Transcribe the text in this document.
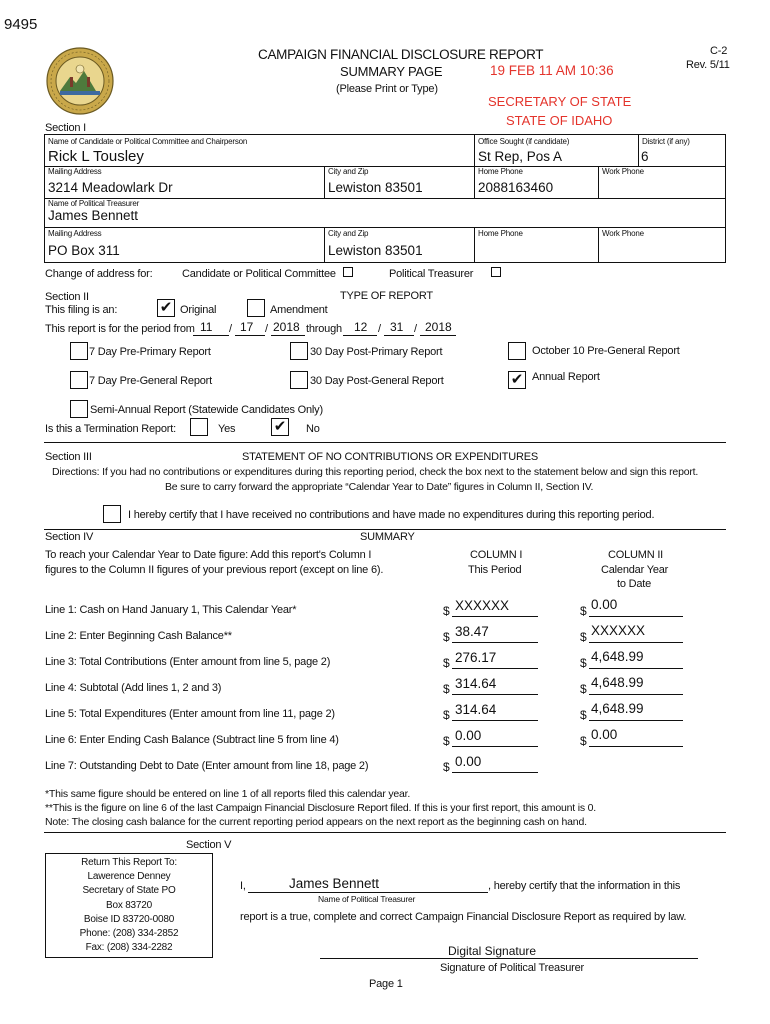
9495
CAMPAIGN FINANCIAL DISCLOSURE REPORT
SUMMARY PAGE
(Please Print or Type)
C-2
Rev. 5/11
19 FEB 11 AM 10:36
SECRETARY OF STATE
STATE OF IDAHO
Section I
Name of Candidate or Political Committee and Chairperson
Rick L Tousley
Office Sought (if candidate)
St Rep, Pos A
District (if any)
6
Mailing Address
3214 Meadowlark Dr
City and Zip
Lewiston 83501
Home Phone
2088163460
Work Phone
Name of Political Treasurer
James Bennett
Mailing Address
PO Box 311
City and Zip
Lewiston 83501
Home Phone	Work Phone
Change of address for:	Candidate or Political Committee	Political Treasurer
Section II	TYPE OF REPORT
This filing is an:	✔ Original	Amendment
This report is for the period from 11 / 17 / 2018 through 12 / 31 / 2018
7 Day Pre-Primary Report	30 Day Post-Primary Report	October 10 Pre-General Report
7 Day Pre-General Report	30 Day Post-General Report	✔ Annual Report
Semi-Annual Report (Statewide Candidates Only)
Is this a Termination Report:	Yes	✔ No
Section III	STATEMENT OF NO CONTRIBUTIONS OR EXPENDITURES
Directions: If you had no contributions or expenditures during this reporting period, check the box next to the statement below and sign this report.
Be sure to carry forward the appropriate “Calendar Year to Date” figures in Column II, Section IV.
I hereby certify that I have received no contributions and have made no expenditures during this reporting period.
Section IV	SUMMARY
To reach your Calendar Year to Date figure: Add this report's Column I
figures to the Column II figures of your previous report (except on line 6).
COLUMN I
This Period
COLUMN II
Calendar Year
to Date
Line 1: Cash on Hand January 1, This Calendar Year*	$ XXXXXX	$ 0.00
Line 2: Enter Beginning Cash Balance**	$ 38.47	$ XXXXXX
Line 3: Total Contributions (Enter amount from line 5, page 2)	$ 276.17	$ 4,648.99
Line 4: Subtotal (Add lines 1, 2 and 3)	$ 314.64	$ 4,648.99
Line 5: Total Expenditures (Enter amount from line 11, page 2)	$ 314.64	$ 4,648.99
Line 6: Enter Ending Cash Balance (Subtract line 5 from line 4)	$ 0.00	$ 0.00
Line 7: Outstanding Debt to Date (Enter amount from line 18, page 2)	$ 0.00
*This same figure should be entered on line 1 of all reports filed this calendar year.
**This is the figure on line 6 of the last Campaign Financial Disclosure Report filed. If this is your first report, this amount is 0.
Note: The closing cash balance for the current reporting period appears on the next report as the beginning cash on hand.
Section V
Return This Report To:
Lawerence Denney
Secretary of State PO
Box 83720
Boise ID 83720-0080
Phone: (208) 334-2852
Fax: (208) 334-2282
I,	James Bennett	, hereby certify that the information in this
Name of Political Treasurer
report is a true, complete and correct Campaign Financial Disclosure Report as required by law.
Digital Signature
Signature of Political Treasurer
Page 1
